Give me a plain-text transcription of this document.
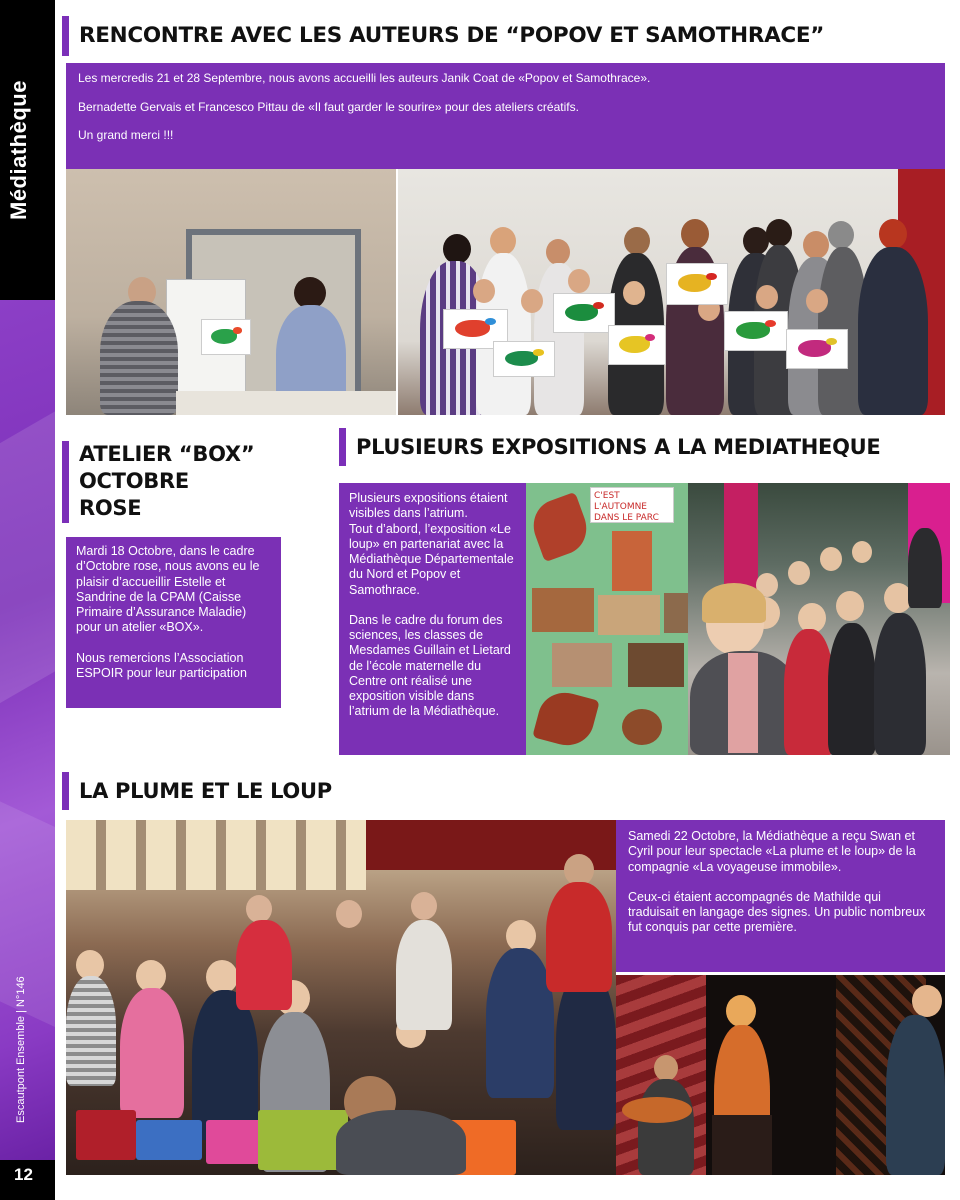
Médiathèque
Escautpont Ensemble | N°146
12
RENCONTRE AVEC LES AUTEURS DE “POPOV ET SAMOTHRACE”

Les mercredis 21 et 28 Septembre, nous avons accueilli les auteurs Janik Coat de «Popov et Samothrace».

Bernadette Gervais et Francesco Pittau de «Il faut garder le sourire» pour des ateliers créatifs.

Un grand merci !!!

ATELIER “BOX”
OCTOBRE
ROSE

Mardi 18 Octobre, dans le cadre d’Octobre rose, nous avons eu le plaisir d’accueillir Estelle et Sandrine de la CPAM (Caisse Primaire d’Assurance Maladie) pour un atelier «BOX».

Nous remercions l’Association ESPOIR pour leur participation

PLUSIEURS EXPOSITIONS A LA MEDIATHEQUE

Plusieurs expositions étaient visibles dans l’atrium.
Tout d’abord, l’exposition «Le loup» en partenariat avec la Médiathèque Départementale du Nord et Popov et Samothrace.

Dans le cadre du forum des sciences, les classes de Mesdames Guillain et Lietard de l’école maternelle du Centre ont réalisé une exposition visible dans l’atrium de la Médiathèque.

C'EST L'AUTOMNE DANS LE PARC
LA PLUME ET LE LOUP

Samedi 22 Octobre, la Médiathèque a reçu Swan et Cyril pour leur spectacle «La plume et le loup» de la compagnie «La voyageuse immobile».

Ceux-ci étaient accompagnés de Mathilde qui traduisait en langage des signes. Un public nombreux fut conquis par cette première.
